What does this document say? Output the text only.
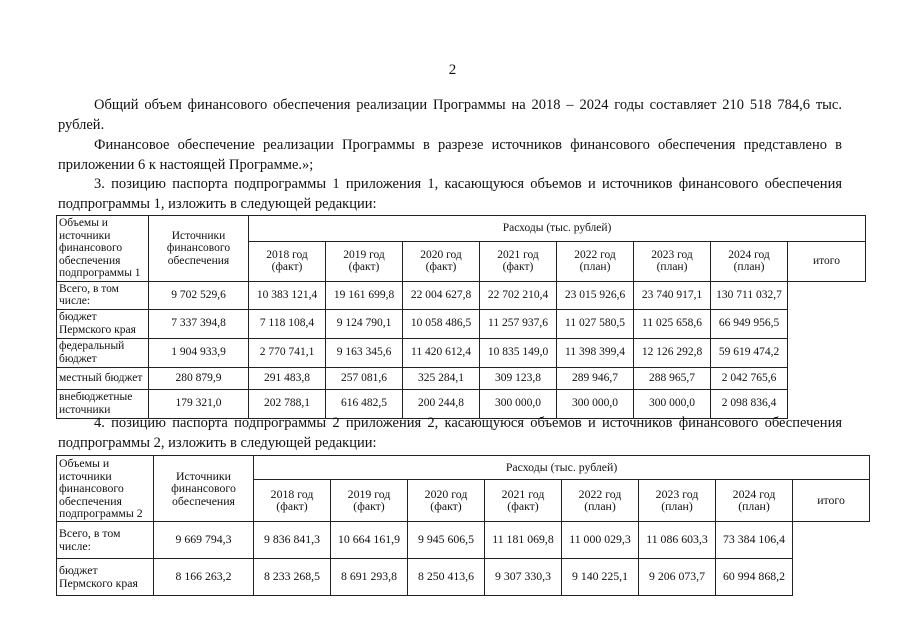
2
Общий объем финансового обеспечения реализации Программы на 2018 – 2024 годы составляет 210 518 784,6 тыс. рублей.
Финансовое обеспечение реализации Программы в разрезе источников финансового обеспечения представлено в приложении 6 к настоящей Программе.»;
3. позицию паспорта подпрограммы 1 приложения 1, касающуюся объемов и источников финансового обеспечения подпрограммы 1, изложить в следующей редакции:
Объемы и источники финансового обеспечения подпрограммы 1	Источники финансового обеспечения	Расходы (тыс. рублей)							
		2018 год (факт)	2019 год (факт)	2020 год (факт)	2021 год (факт)	2022 год (план)	2023 год (план)	2024 год (план)	итого
Всего, в том числе:	9 702 529,6	10 383 121,4	19 161 699,8	22 004 627,8	22 702 210,4	23 015 926,6	23 740 917,1	130 711 032,7	
бюджет Пермского края	7 337 394,8	7 118 108,4	9 124 790,1	10 058 486,5	11 257 937,6	11 027 580,5	11 025 658,6	66 949 956,5	
федеральный бюджет	1 904 933,9	2 770 741,1	9 163 345,6	11 420 612,4	10 835 149,0	11 398 399,4	12 126 292,8	59 619 474,2	
местный бюджет	280 879,9	291 483,8	257 081,6	325 284,1	309 123,8	289 946,7	288 965,7	2 042 765,6	
внебюджетные источники	179 321,0	202 788,1	616 482,5	200 244,8	300 000,0	300 000,0	300 000,0	2 098 836,4	
4. позицию паспорта подпрограммы 2 приложения 2, касающуюся объемов и источников финансового обеспечения подпрограммы 2, изложить в следующей редакции:
Объемы и источники финансового обеспечения подпрограммы 2	Источники финансового обеспечения	Расходы (тыс. рублей)							
		2018 год (факт)	2019 год (факт)	2020 год (факт)	2021 год (факт)	2022 год (план)	2023 год (план)	2024 год (план)	итого
Всего, в том числе:	9 669 794,3	9 836 841,3	10 664 161,9	9 945 606,5	11 181 069,8	11 000 029,3	11 086 603,3	73 384 106,4	
бюджет Пермского края	8 166 263,2	8 233 268,5	8 691 293,8	8 250 413,6	9 307 330,3	9 140 225,1	9 206 073,7	60 994 868,2	
